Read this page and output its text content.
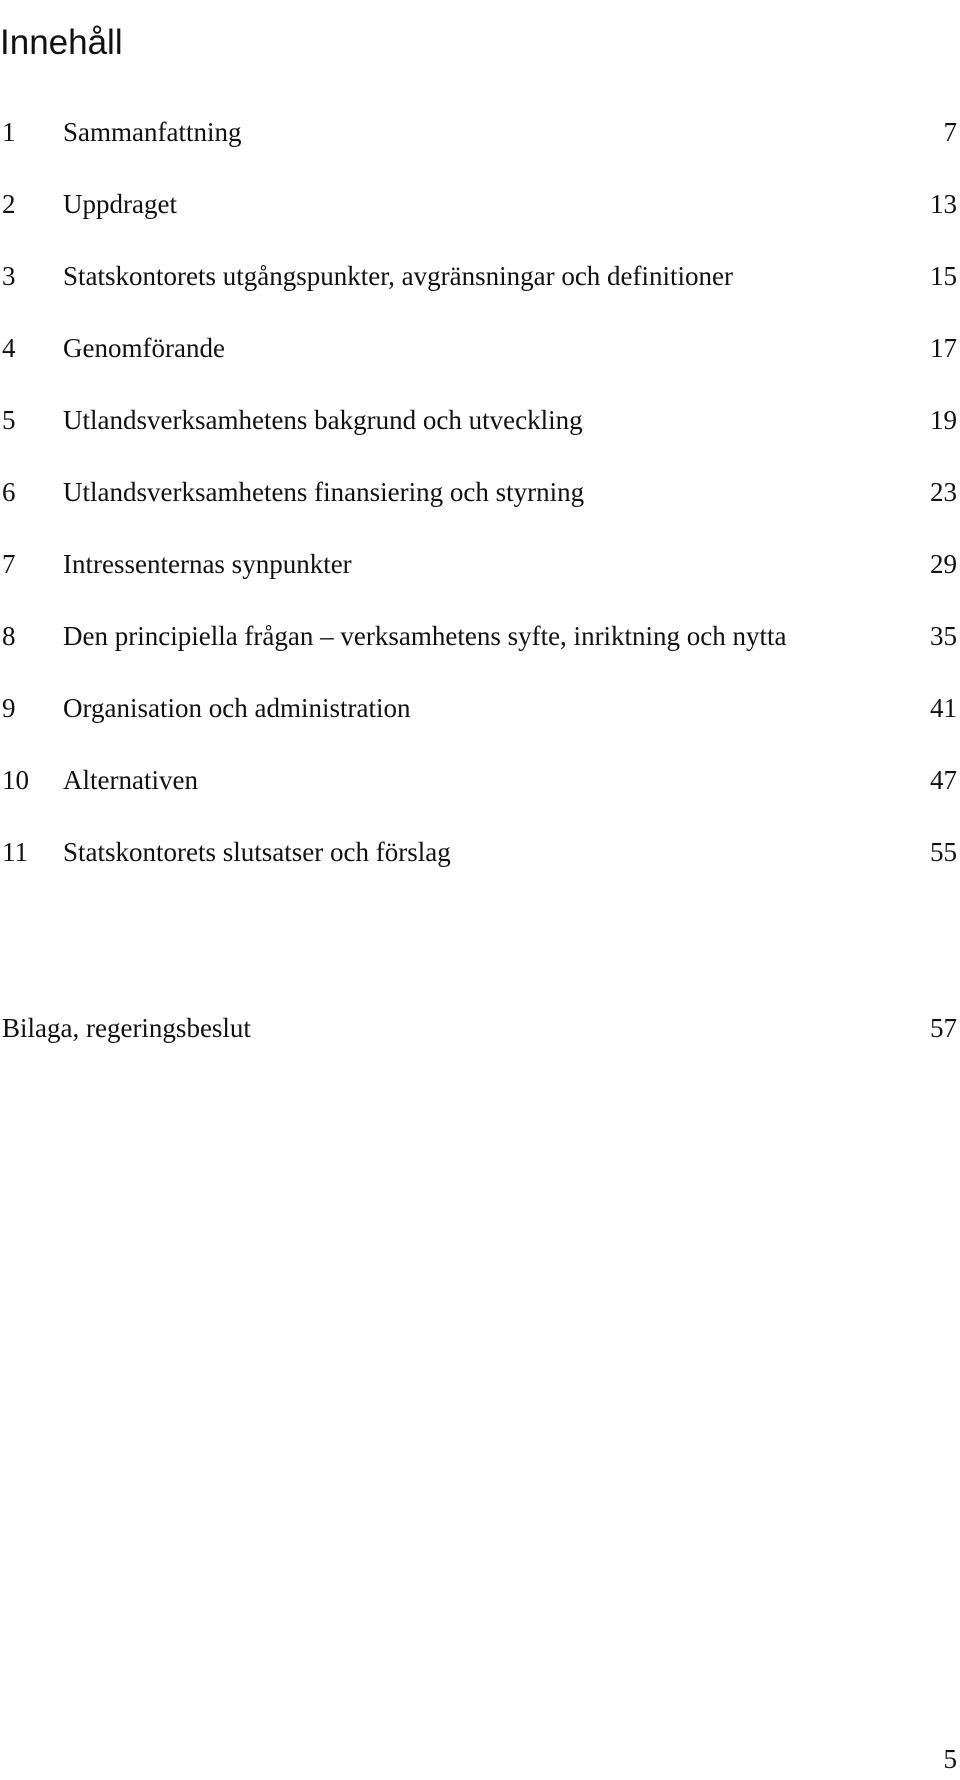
Innehåll
1 Sammanfattning	7
2 Uppdraget	13
3 Statskontorets utgångspunkter, avgränsningar och definitioner	15
4 Genomförande	17
5 Utlandsverksamhetens bakgrund och utveckling	19
6 Utlandsverksamhetens finansiering och styrning	23
7 Intressenternas synpunkter	29
8 Den principiella frågan – verksamhetens syfte, inriktning och nytta	35
9 Organisation och administration	41
10 Alternativen	47
11 Statskontorets slutsatser och förslag	55
Bilaga, regeringsbeslut	57
5
